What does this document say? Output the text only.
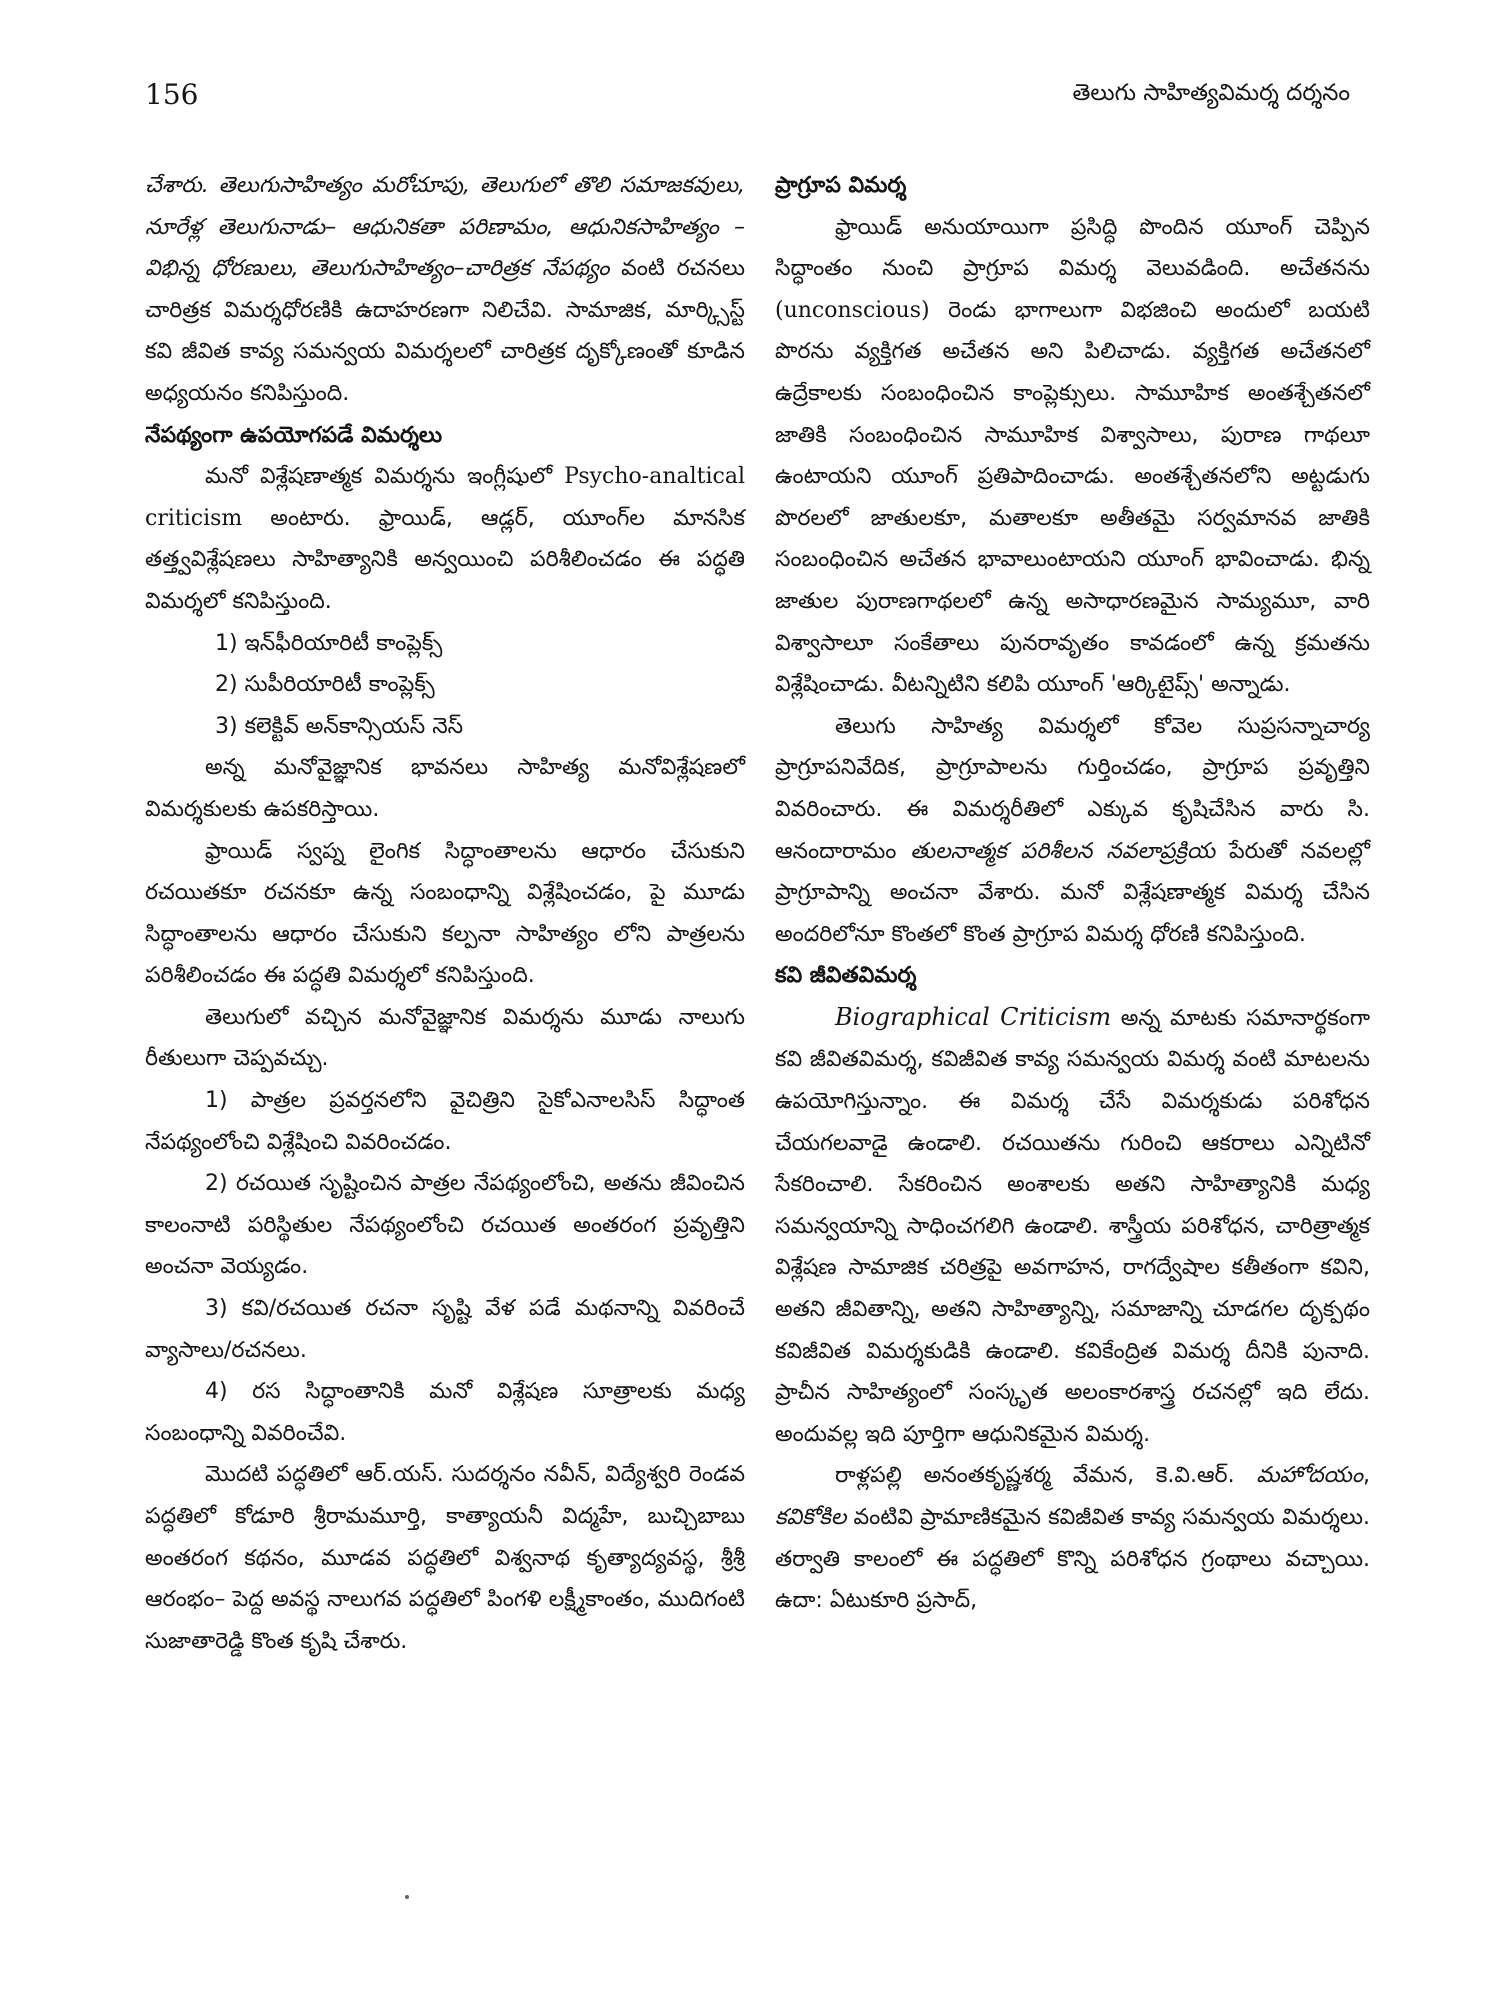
156	తెలుగు సాహిత్యవిమర్శ దర్శనం

చేశారు. తెలుగుసాహిత్యం మరోచూపు, తెలుగులో తొలి సమాజకవులు, నూరేళ్ల తెలుగునాడు– ఆధునికతా పరిణామం, ఆధునికసాహిత్యం – విభిన్న ధోరణులు, తెలుగుసాహిత్యం–చారిత్రక నేపథ్యం వంటి రచనలు చారిత్రక విమర్శధోరణికి ఉదాహరణగా నిలిచేవి. సామాజిక, మార్క్సిస్ట్ కవి జీవిత కావ్య సమన్వయ విమర్శలలో చారిత్రక దృక్కోణంతో కూడిన అధ్యయనం కనిపిస్తుంది.

నేపథ్యంగా ఉపయోగపడే విమర్శలు

మనో విశ్లేషణాత్మక విమర్శను ఇంగ్లీషులో Psycho-analtical criticism అంటారు. ఫ్రాయిడ్, ఆడ్లర్, యూంగ్‌ల మానసిక తత్త్వవిశ్లేషణలు సాహిత్యానికి అన్వయించి పరిశీలించడం ఈ పద్ధతి విమర్శలో కనిపిస్తుంది.

1) ఇన్‌ఫీరియారిటీ కాంప్లెక్స్

2) సుపీరియారిటీ కాంప్లెక్స్

3) కలెక్టివ్ అన్‌కాన్సియస్ నెస్

అన్న మనోవైజ్ఞానిక భావనలు సాహిత్య మనోవిశ్లేషణలో విమర్శకులకు ఉపకరిస్తాయి.

ఫ్రాయిడ్ స్వప్న లైంగిక సిద్ధాంతాలను ఆధారం చేసుకుని రచయితకూ రచనకూ ఉన్న సంబంధాన్ని విశ్లేషించడం, పై మూడు సిద్ధాంతాలను ఆధారం చేసుకుని కల్పనా సాహిత్యం లోని పాత్రలను పరిశీలించడం ఈ పద్ధతి విమర్శలో కనిపిస్తుంది.

తెలుగులో వచ్చిన మనోవైజ్ఞానిక విమర్శను మూడు నాలుగు రీతులుగా చెప్పవచ్చు.

1) పాత్రల ప్రవర్తనలోని వైచిత్రిని సైకోఎనాలసిస్ సిద్ధాంత నేపథ్యంలోంచి విశ్లేషించి వివరించడం.

2) రచయిత సృష్టించిన పాత్రల నేపథ్యంలోంచి, అతను జీవించిన కాలంనాటి పరిస్థితుల నేపథ్యంలోంచి రచయిత అంతరంగ ప్రవృత్తిని అంచనా వెయ్యడం.

3) కవి/రచయిత రచనా సృష్టి వేళ పడే మథనాన్ని వివరించే వ్యాసాలు/రచనలు.

4) రస సిద్ధాంతానికి మనో విశ్లేషణ సూత్రాలకు మధ్య సంబంధాన్ని వివరించేవి.

మొదటి పద్ధతిలో ఆర్.యస్. సుదర్శనం నవీన్, విద్యేశ్వరి రెండవ పద్ధతిలో కోడూరి శ్రీరామమూర్తి, కాత్యాయనీ విద్మహే, బుచ్చిబాబు అంతరంగ కథనం, మూడవ పద్ధతిలో విశ్వనాథ కృత్యాద్యవస్థ, శ్రీశ్రీ ఆరంభం– పెద్ద అవస్థ నాలుగవ పద్ధతిలో పింగళి లక్ష్మీకాంతం, ముదిగంటి సుజాతారెడ్డి కొంత కృషి చేశారు.

ప్రాగ్రూప విమర్శ

ఫ్రాయిడ్ అనుయాయిగా ప్రసిద్ధి పొందిన యూంగ్ చెప్పిన సిద్ధాంతం నుంచి ప్రాగ్రూప విమర్శ వెలువడింది. అచేతనను (unconscious) రెండు భాగాలుగా విభజించి అందులో బయటి పొరను వ్యక్తిగత అచేతన అని పిలిచాడు. వ్యక్తిగత అచేతనలో ఉద్రేకాలకు సంబంధించిన కాంప్లెక్సులు. సామూహిక అంతశ్చేతనలో జాతికి సంబంధించిన సామూహిక విశ్వాసాలు, పురాణ గాథలూ ఉంటాయని యూంగ్ ప్రతిపాదించాడు. అంతశ్చేతనలోని అట్టడుగు పొరలలో జాతులకూ, మతాలకూ అతీతమై సర్వమానవ జాతికి సంబంధించిన అచేతన భావాలుంటాయని యూంగ్ భావించాడు. భిన్న జాతుల పురాణగాథలలో ఉన్న అసాధారణమైన సామ్యమూ, వారి విశ్వాసాలూ సంకేతాలు పునరావృతం కావడంలో ఉన్న క్రమతను విశ్లేషించాడు. వీటన్నిటిని కలిపి యూంగ్ 'ఆర్కిటైప్స్' అన్నాడు.

తెలుగు సాహిత్య విమర్శలో కోవెల సుప్రసన్నాచార్య ప్రాగ్రూపనివేదిక, ప్రాగ్రూపాలను గుర్తించడం, ప్రాగ్రూప ప్రవృత్తిని వివరించారు. ఈ విమర్శరీతిలో ఎక్కువ కృషిచేసిన వారు సి. ఆనందారామం తులనాత్మక పరిశీలన నవలాప్రక్రియ పేరుతో నవలల్లో ప్రాగ్రూపాన్ని అంచనా వేశారు. మనో విశ్లేషణాత్మక విమర్శ చేసిన అందరిలోనూ కొంతలో కొంత ప్రాగ్రూప విమర్శ ధోరణి కనిపిస్తుంది.

కవి జీవితవిమర్శ

Biographical Criticism అన్న మాటకు సమానార్థకంగా కవి జీవితవిమర్శ, కవిజీవిత కావ్య సమన్వయ విమర్శ వంటి మాటలను ఉపయోగిస్తున్నాం. ఈ విమర్శ చేసే విమర్శకుడు పరిశోధన చేయగలవాడై ఉండాలి. రచయితను గురించి ఆకరాలు ఎన్నిటినో సేకరించాలి. సేకరించిన అంశాలకు అతని సాహిత్యానికి మధ్య సమన్వయాన్ని సాధించగలిగి ఉండాలి. శాస్త్రీయ పరిశోధన, చారిత్రాత్మక విశ్లేషణ సామాజిక చరిత్రపై అవగాహన, రాగద్వేషాల కతీతంగా కవిని, అతని జీవితాన్ని, అతని సాహిత్యాన్ని, సమాజాన్ని చూడగల దృక్పథం కవిజీవిత విమర్శకుడికి ఉండాలి. కవికేంద్రిత విమర్శ దీనికి పునాది. ప్రాచీన సాహిత్యంలో సంస్కృత అలంకారశాస్త్ర రచనల్లో ఇది లేదు. అందువల్ల ఇది పూర్తిగా ఆధునికమైన విమర్శ.

రాళ్లపల్లి అనంతకృష్ణశర్మ వేమన, కె.వి.ఆర్. మహోదయం, కవికోకిల వంటివి ప్రామాణికమైన కవిజీవిత కావ్య సమన్వయ విమర్శలు. తర్వాతి కాలంలో ఈ పద్ధతిలో కొన్ని పరిశోధన గ్రంథాలు వచ్చాయి. ఉదా: ఏటుకూరి ప్రసాద్,
